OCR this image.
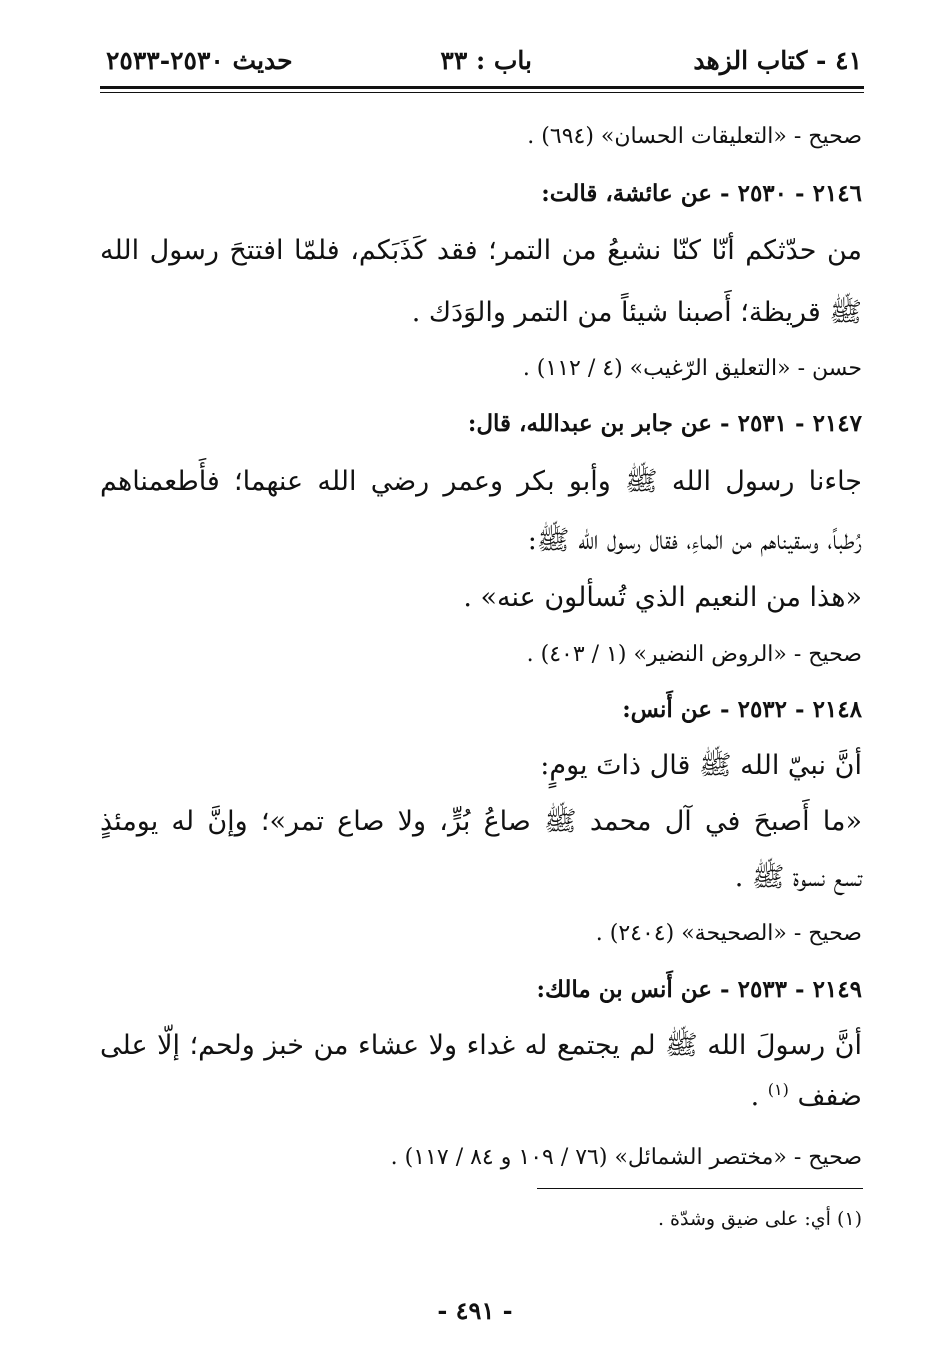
٤١ - كتاب الزهد
باب : ٣٣
حديث ٢٥٣٠-٢٥٣٣
صحيح - «التعليقات الحسان» (٦٩٤) .
٢١٤٦ - ٢٥٣٠ - عن عائشة، قالت:
من حدّثكم أنّا كنّا نشبعُ من التمر؛ فقد كَذَبَكم، فلمّا افتتحَ رسول الله
ﷺ قريظة؛ أَصبنا شيئاً من التمر والوَدَك .
حسن - «التعليق الرّغيب» (٤ / ١١٢) .
٢١٤٧ - ٢٥٣١ - عن جابر بن عبدالله، قال:
جاءنا رسول الله ﷺ وأبو بكر وعمر رضي الله عنهما؛ فأَطعمناهم
رُطباً، وسقيناهم من الماءِ، فقال رسول الله ﷺ:
«هذا من النعيم الذي تُسألون عنه» .
صحيح - «الروض النضير» (١ / ٤٠٣) .
٢١٤٨ - ٢٥٣٢ - عن أَنس:
أنَّ نبيّ الله ﷺ قال ذاتَ يومٍ:
«ما أَصبحَ في آل محمد ﷺ صاعُ بُرٍّ، ولا صاع تمر»؛ وإنَّ له يومئذٍ
تسع نسوة ﷺ .
صحيح - «الصحيحة» (٢٤٠٤) .
٢١٤٩ - ٢٥٣٣ - عن أَنس بن مالك:
أنَّ رسولَ الله ﷺ لم يجتمع له غداء ولا عشاء من خبز ولحم؛ إلّا على
ضفف $^{(١)}$ .
صحيح - «مختصر الشمائل» (٧٦ / ١٠٩ و ٨٤ / ١١٧) .
(١) أي: على ضيق وشدّة .
- ٤٩١ -
